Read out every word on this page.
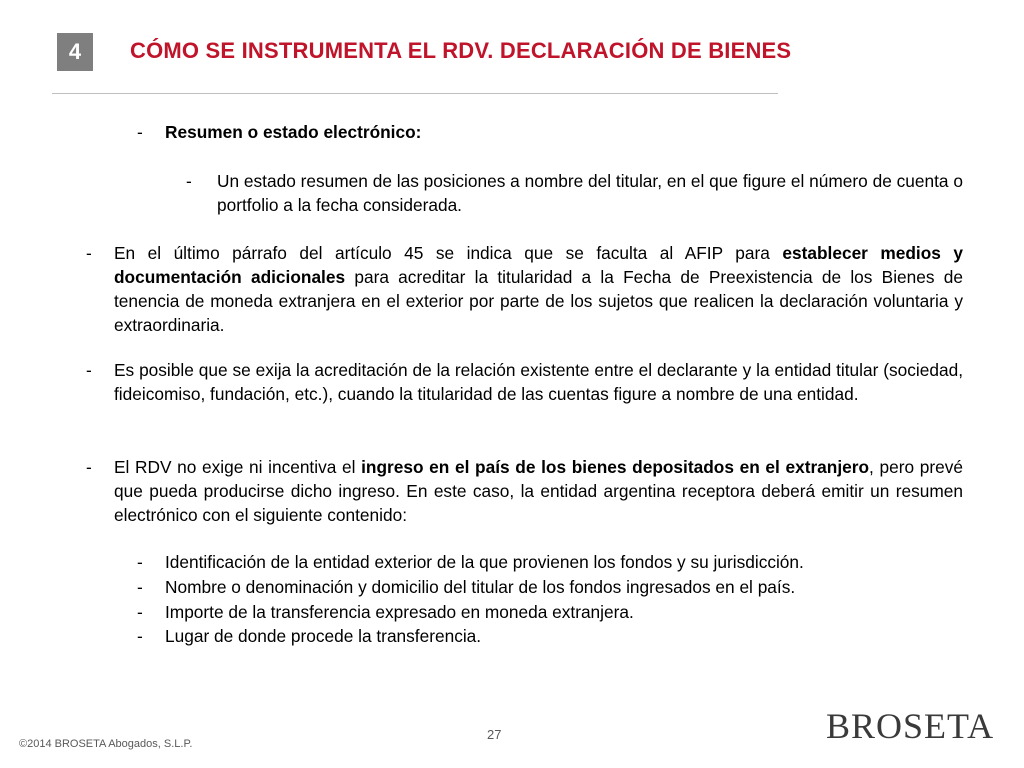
4	CÓMO SE INSTRUMENTA EL RDV. DECLARACIÓN DE BIENES
-	Resumen o estado electrónico:
-	Un estado resumen de las posiciones a nombre del titular, en el que figure el número de cuenta o portfolio a la fecha considerada.
-	En el último párrafo del artículo 45 se indica que se faculta al AFIP para establecer medios y documentación adicionales para acreditar la titularidad a la Fecha de Preexistencia de los Bienes de tenencia de moneda extranjera en el exterior por parte de los sujetos que realicen la declaración voluntaria y extraordinaria.
-	Es posible que se exija la acreditación de la relación existente entre el declarante y la entidad titular (sociedad, fideicomiso, fundación, etc.), cuando la titularidad de las cuentas figure a nombre de una entidad.
-	El RDV no exige ni incentiva el ingreso en el país de los bienes depositados en el extranjero, pero prevé que pueda producirse dicho ingreso. En este caso, la entidad argentina receptora deberá emitir un resumen electrónico con el siguiente contenido:
-	Identificación de la entidad exterior de la que provienen los fondos y su jurisdicción.
-	Nombre o denominación y domicilio del titular de los fondos ingresados en el país.
-	Importe de la transferencia expresado en moneda extranjera.
-	Lugar de donde procede la transferencia.
©2014 BROSETA Abogados, S.L.P.
27	BROSETA
